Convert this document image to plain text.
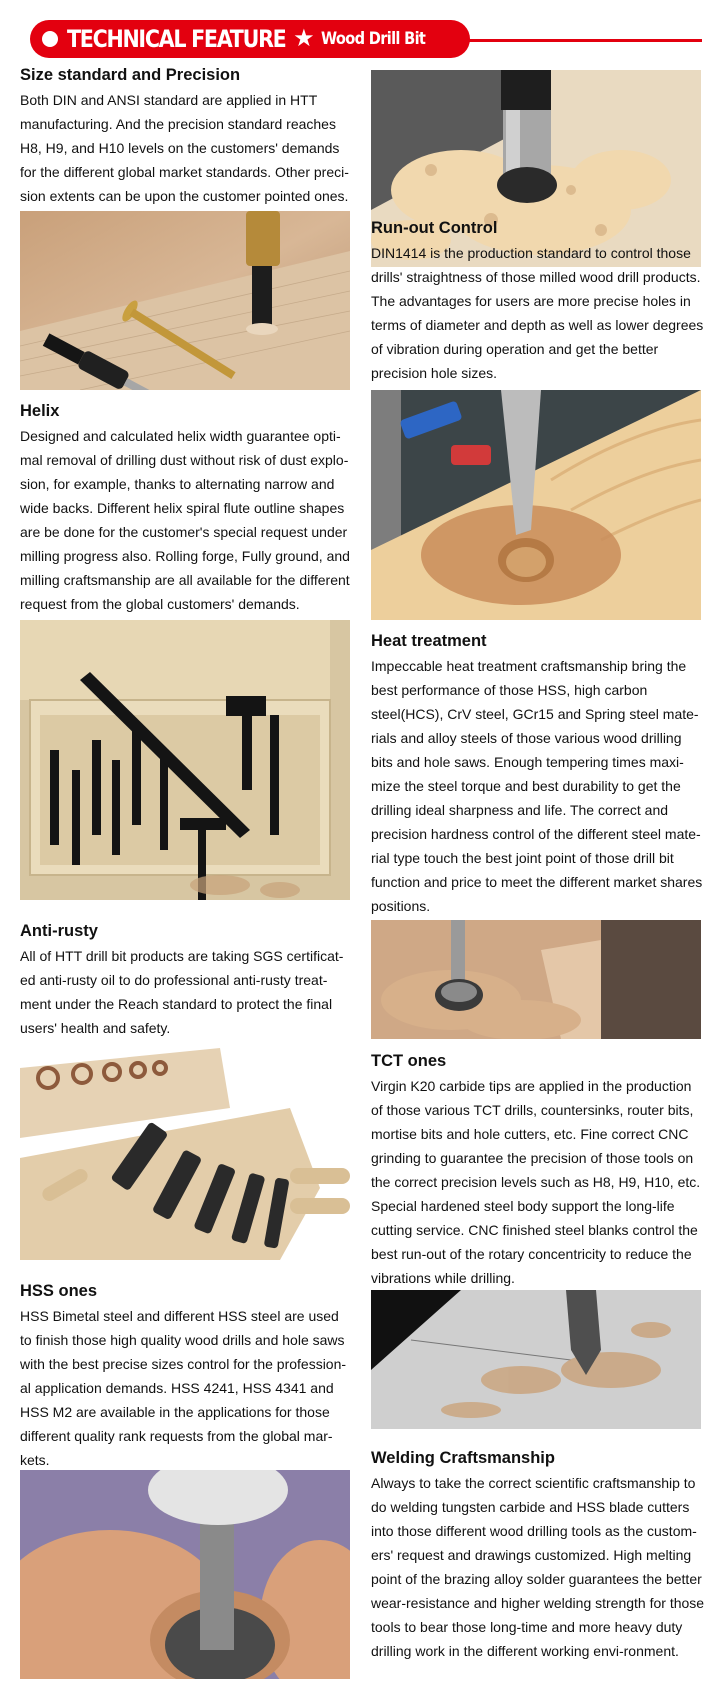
TECHNICAL FEATURE ★ Wood Drill Bit
Size standard and Precision

Both DIN and ANSI standard are applied in HTT manufacturing. And the precision standard reaches H8, H9, and H10 levels on the customers' demands for the different global market standards. Other preci-sion extents can be upon the customer pointed ones.

Helix

Designed and calculated helix width guarantee opti-mal removal of drilling dust without risk of dust explo-sion, for example, thanks to alternating narrow and wide backs. Different helix spiral flute outline shapes are be done for the customer's special request under milling progress also. Rolling forge, Fully ground, and milling craftsmanship are all available for the different request from the global customers' demands.

Anti-rusty

All of HTT drill bit products are taking SGS certificat-ed anti-rusty oil to do professional anti-rusty treat-ment under the Reach standard to protect the final users' health and safety.

HSS ones

HSS Bimetal steel and different HSS steel are used to finish those high quality wood drills and hole saws with the best precise sizes control for the profession-al application demands. HSS 4241, HSS 4341 and HSS M2 are available in the applications for those different quality rank requests from the global mar-kets.

Run-out Control

DIN1414 is the production standard to control those drills' straightness of those milled wood drill products. The advantages for users are more precise holes in terms of diameter and depth as well as lower degrees of vibration during operation and get the better precision hole sizes.

Heat treatment

Impeccable heat treatment craftsmanship bring the best performance of those HSS, high carbon steel(HCS), CrV steel, GCr15 and Spring steel mate-rials and alloy steels of those various wood drilling bits and hole saws. Enough tempering times maxi-mize the steel torque and best durability to get the drilling ideal sharpness and life. The correct and precision hardness control of the different steel mate-rial type touch the best joint point of those drill bit function and price to meet the different market shares positions.

TCT ones

Virgin K20 carbide tips are applied in the production of those various TCT drills, countersinks, router bits, mortise bits and hole cutters, etc. Fine correct CNC grinding to guarantee the precision of those tools on the correct precision levels such as H8, H9, H10, etc. Special hardened steel body support the long-life cutting service. CNC finished steel blanks control the best run-out of the rotary concentricity to reduce the vibrations while drilling.

Welding Craftsmanship

Always to take the correct scientific craftsmanship to do welding tungsten carbide and HSS blade cutters into those different wood drilling tools as the custom-ers' request and drawings customized. High melting point of the brazing alloy solder guarantees the better wear-resistance and higher welding strength for those tools to bear those long-time and more heavy duty drilling work in the different working envi-ronment.
